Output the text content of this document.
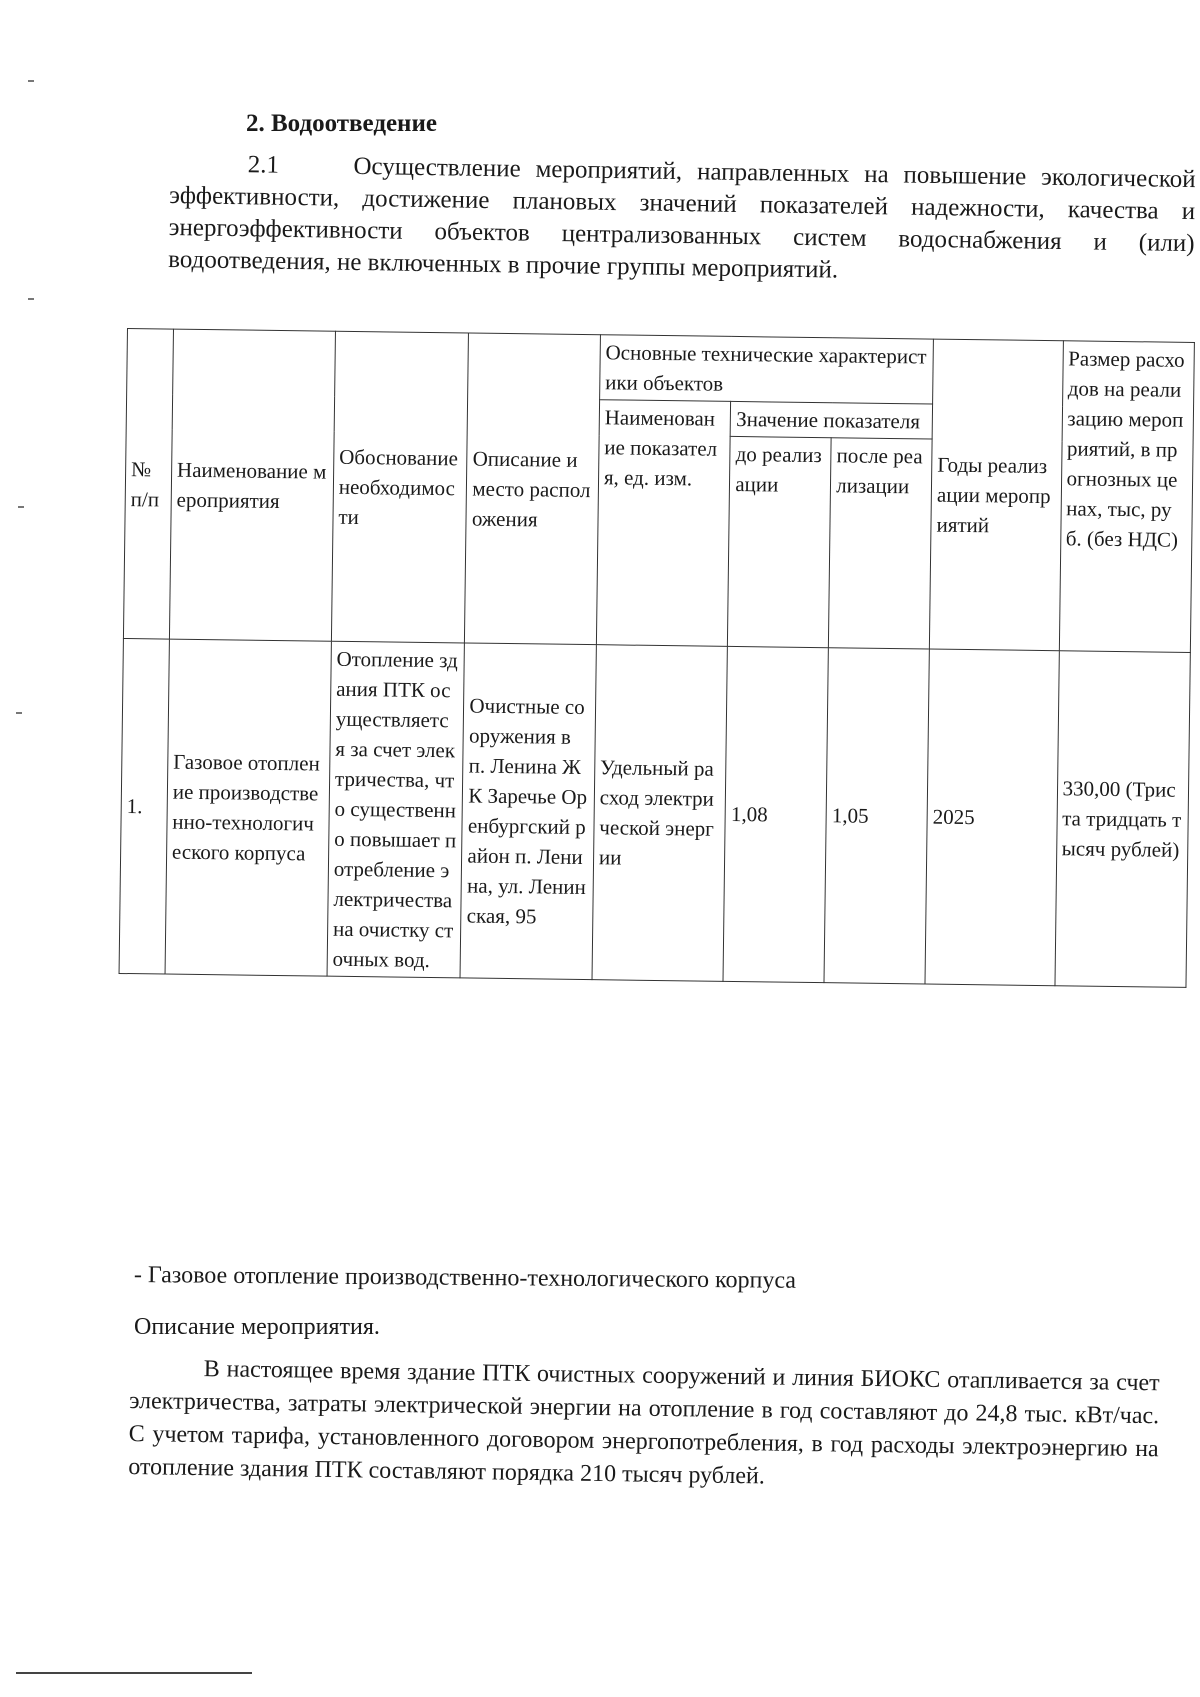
2. Водоотведение

2.1	Осуществление мероприятий, направленных на повышение экологической эффективности, достижение плановых значений показателей надежности, качества и энергоэффективности объектов централизованных систем водоснабжения и (или) водоотведения, не включенных в прочие группы мероприятий.

№ п/п	Наименование мероприятия	Обоснование необходимости	Описание и место расположения	Основные технические характеристики объектов			Годы реализации мероприятий	Размер расходов на реализацию мероприятий, в прогнозных ценах, тыс, руб. (без НДС)
				Наименование показателя, ед. изм.	Значение показателя			
					до реализации	после реализации		
1.	Газовое отопление производственно-технологического корпуса	Отопление здания ПТК осуществляется за счет электричества, что существенно повышает потребление электричества на очистку сточных вод.	Очистные сооружения в п. Ленина ЖК Заречье Оренбургский район п. Ленина, ул. Ленинская, 95	Удельный расход электрической энергии	1,08	1,05	2025	330,00 (Триста тридцать тысяч рублей)

- Газовое отопление производственно-технологического корпуса

Описание мероприятия.

В настоящее время здание ПТК очистных сооружений и линия БИОКС отапливается за счет электричества, затраты электрической энергии на отопление в год составляют до 24,8 тыс. кВт/час. С учетом тарифа, установленного договором энергопотребления, в год расходы электроэнергию на отопление здания ПТК составляют порядка 210 тысяч рублей.
